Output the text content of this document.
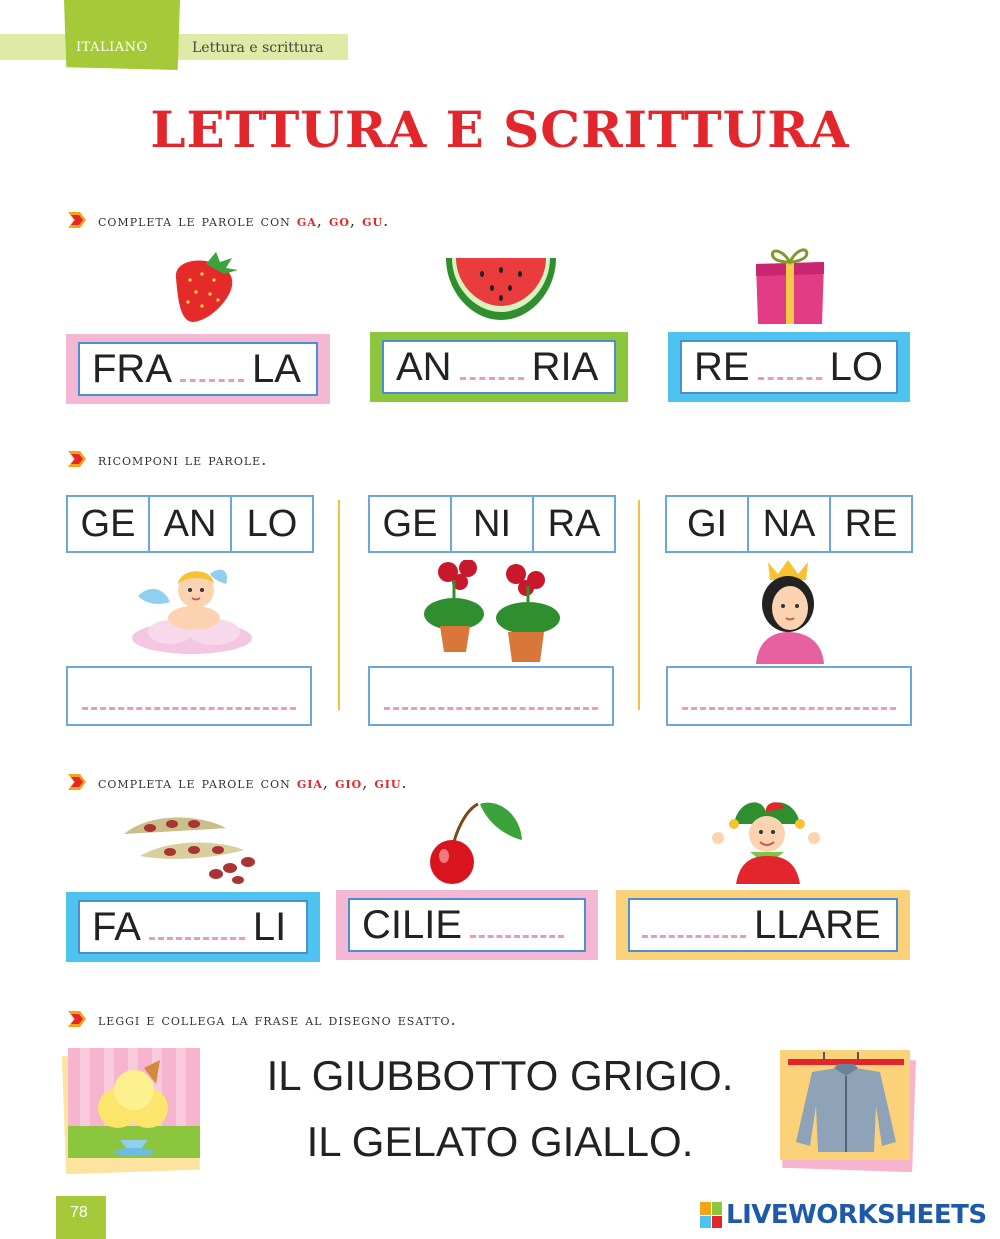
ITALIANO	Lettura e scrittura
LETTURA E SCRITTURA
completa le parole con ga, go, gu.
FRA LA AN RIA RE LO
ricomponi le parole.
GE AN LO	GE NI RA	GI NA RE
completa le parole con gia, gio, giu.
FA	LI CILIE	LLARE
leggi e collega la frase al disegno esatto.
IL GIUBBOTTO GRIGIO.
IL GELATO GIALLO.
78	LIVEWORKSHEETS
